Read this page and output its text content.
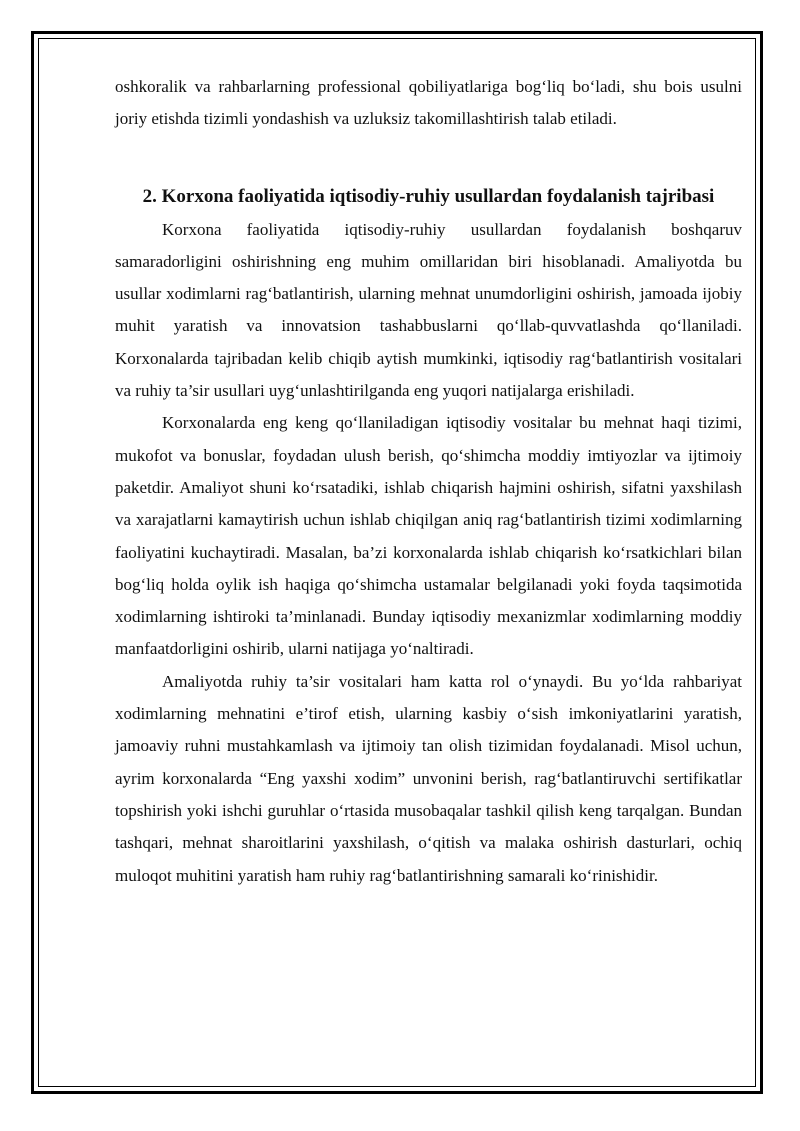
oshkoralik va rahbarlarning professional qobiliyatlariga bog‘liq bo‘ladi, shu bois usulni joriy etishda tizimli yondashish va uzluksiz takomillashtirish talab etiladi.

2. Korxona faoliyatida iqtisodiy-ruhiy usullardan foydalanish tajribasi

Korxona faoliyatida iqtisodiy-ruhiy usullardan foydalanish boshqaruv samaradorligini oshirishning eng muhim omillaridan biri hisoblanadi. Amaliyotda bu usullar xodimlarni rag‘batlantirish, ularning mehnat unumdorligini oshirish, jamoada ijobiy muhit yaratish va innovatsion tashabbuslarni qo‘llab-quvvatlashda qo‘llaniladi. Korxonalarda tajribadan kelib chiqib aytish mumkinki, iqtisodiy rag‘batlantirish vositalari va ruhiy ta’sir usullari uyg‘unlashtirilganda eng yuqori natijalarga erishiladi.

Korxonalarda eng keng qo‘llaniladigan iqtisodiy vositalar bu mehnat haqi tizimi, mukofot va bonuslar, foydadan ulush berish, qo‘shimcha moddiy imtiyozlar va ijtimoiy paketdir. Amaliyot shuni ko‘rsatadiki, ishlab chiqarish hajmini oshirish, sifatni yaxshilash va xarajatlarni kamaytirish uchun ishlab chiqilgan aniq rag‘batlantirish tizimi xodimlarning faoliyatini kuchaytiradi. Masalan, ba’zi korxonalarda ishlab chiqarish ko‘rsatkichlari bilan bog‘liq holda oylik ish haqiga qo‘shimcha ustamalar belgilanadi yoki foyda taqsimotida xodimlarning ishtiroki ta’minlanadi. Bunday iqtisodiy mexanizmlar xodimlarning moddiy manfaatdorligini oshirib, ularni natijaga yo‘naltiradi.

Amaliyotda ruhiy ta’sir vositalari ham katta rol o‘ynaydi. Bu yo‘lda rahbariyat xodimlarning mehnatini e’tirof etish, ularning kasbiy o‘sish imkoniyatlarini yaratish, jamoaviy ruhni mustahkamlash va ijtimoiy tan olish tizimidan foydalanadi. Misol uchun, ayrim korxonalarda “Eng yaxshi xodim” unvonini berish, rag‘batlantiruvchi sertifikatlar topshirish yoki ishchi guruhlar o‘rtasida musobaqalar tashkil qilish keng tarqalgan. Bundan tashqari, mehnat sharoitlarini yaxshilash, o‘qitish va malaka oshirish dasturlari, ochiq muloqot muhitini yaratish ham ruhiy rag‘batlantirishning samarali ko‘rinishidir.
